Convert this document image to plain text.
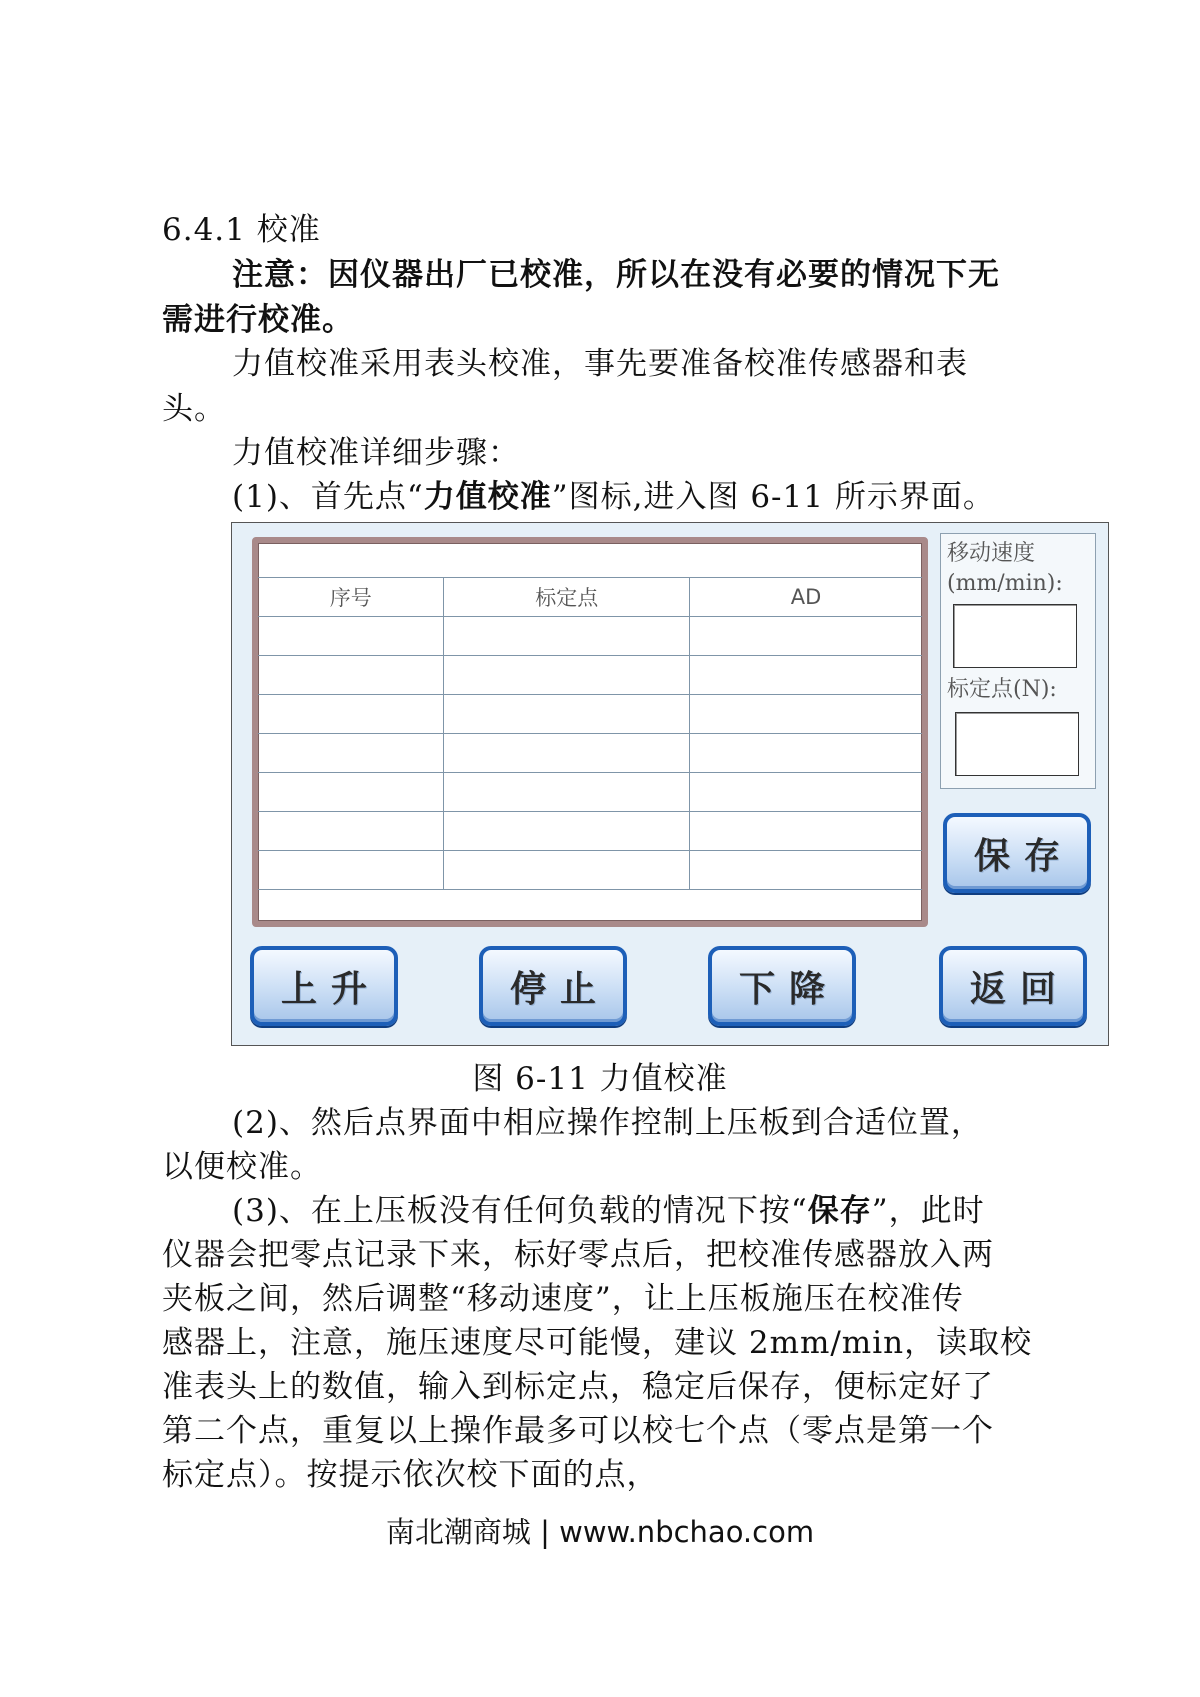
6.4.1 校准
注意：因仪器出厂已校准，所以在没有必要的情况下无
需进行校准。
力值校准采用表头校准，事先要准备校准传感器和表
头。
力值校准详细步骤：
(1)、首先点“力值校准”图标,进入图 6-11 所示界面。
序号	标定点	AD

移动速度
(mm/min):
标定点(N):
保存
上升	停止	下降	返回
图 6-11 力值校准
(2)、然后点界面中相应操作控制上压板到合适位置，
以便校准。
(3)、在上压板没有任何负载的情况下按“保存”，此时
仪器会把零点记录下来，标好零点后，把校准传感器放入两
夹板之间，然后调整“移动速度”，让上压板施压在校准传
感器上，注意，施压速度尽可能慢，建议 2mm/min，读取校
准表头上的数值，输入到标定点，稳定后保存，便标定好了
第二个点，重复以上操作最多可以校七个点（零点是第一个
标定点）。按提示依次校下面的点，
南北潮商城 | www.nbchao.com
